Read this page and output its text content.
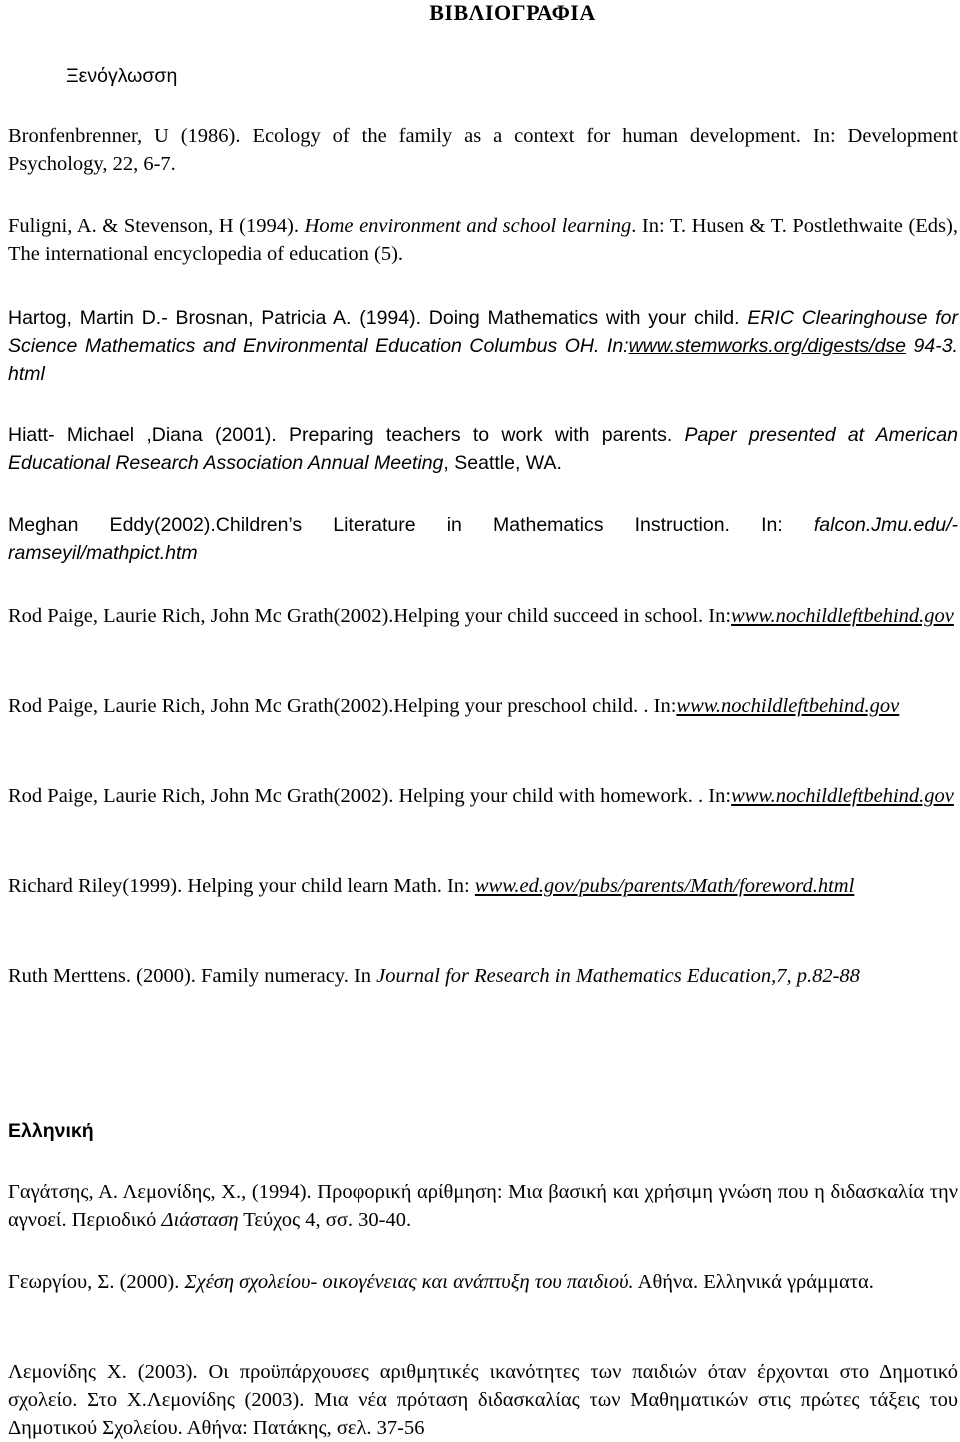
ΒΙΒΛΙΟΓΡΑΦΙΑ

Ξενόγλωσση

Bronfenbrenner, U (1986). Ecology of the family as a context for human development. In: Development Psychology, 22, 6-7.

Fuligni, A. & Stevenson, H (1994). Home environment and school learning. In: T. Husen & T. Postlethwaite (Eds), The international encyclopedia of education (5).

Hartog, Martin D.- Brosnan, Patricia A. (1994). Doing Mathematics with your child. ERIC Clearinghouse for Science Mathematics and Environmental Education Columbus OH. In:www.stemworks.org/digests/dse 94-3. html

Hiatt- Michael ,Diana (2001). Preparing teachers to work with parents. Paper presented at American Educational Research Association Annual Meeting, Seattle, WA.

Meghan Eddy(2002).Children’s Literature in Mathematics Instruction. In: falcon.Jmu.edu/-ramseyil/mathpict.htm

Rod Paige, Laurie Rich, John Mc Grath(2002).Helping your child succeed in school. In:www.nochildleftbehind.gov

Rod Paige, Laurie Rich, John Mc Grath(2002).Helping your preschool child. . In:www.nochildleftbehind.gov

Rod Paige, Laurie Rich, John Mc Grath(2002). Helping your child with homework. . In:www.nochildleftbehind.gov

Richard Riley(1999). Helping your child learn Math. In: www.ed.gov/pubs/parents/Math/foreword.html

Ruth Merttens. (2000). Family numeracy. In Journal for Research in Mathematics Education,7, p.82-88

Ελληνική

Γαγάτσης, Α. Λεμονίδης, Χ., (1994). Προφορική αρίθμηση: Μια βασική και χρήσιμη γνώση που η διδασκαλία την αγνοεί. Περιοδικό Διάσταση Τεύχος 4, σσ. 30-40.

Γεωργίου, Σ. (2000). Σχέση σχολείου- οικογένειας και ανάπτυξη του παιδιού. Αθήνα. Ελληνικά γράμματα.

Λεμονίδης Χ. (2003). Οι προϋπάρχουσες αριθμητικές ικανότητες των παιδιών όταν έρχονται στο Δημοτικό σχολείο. Στο Χ.Λεμονίδης (2003). Μια νέα πρόταση διδασκαλίας των Μαθηματικών στις πρώτες τάξεις του Δημοτικού Σχολείου. Αθήνα: Πατάκης, σελ. 37-56
